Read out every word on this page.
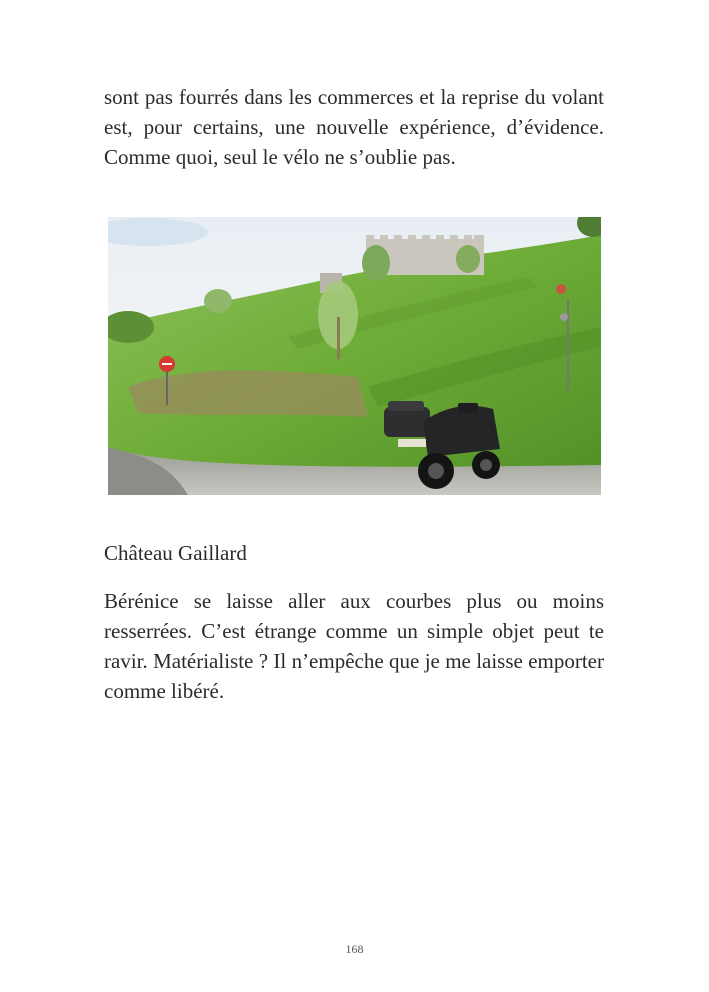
sont pas fourrés dans les commerces et la reprise du volant est, pour certains, une nouvelle expérience, d’évidence. Comme quoi, seul le vélo ne s’oublie pas.

Château Gaillard

Bérénice se laisse aller aux courbes plus ou moins resserrées. C’est étrange comme un simple objet peut te ravir. Matérialiste ? Il n’empêche que je me laisse emporter comme libéré.

168
